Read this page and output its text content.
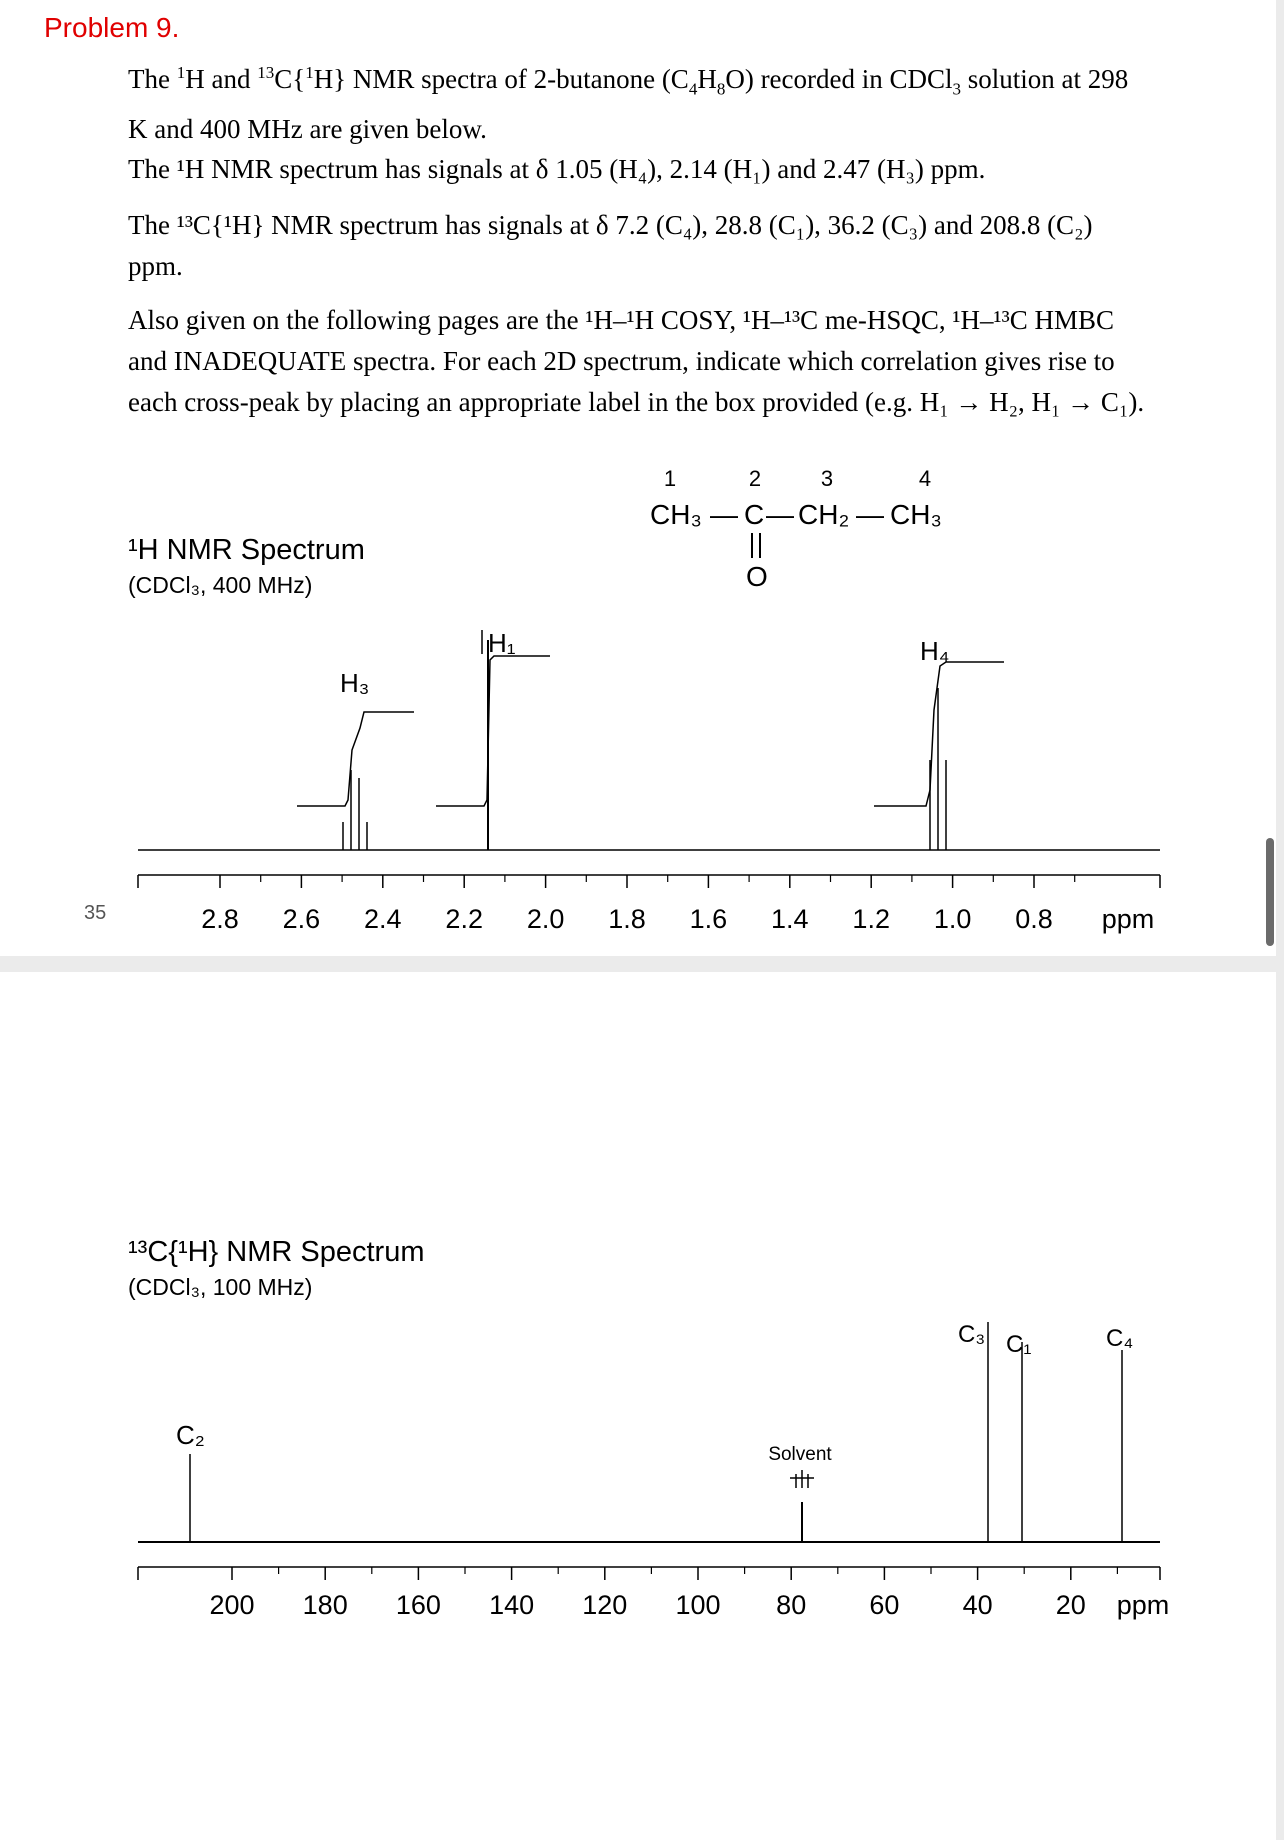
Problem 9.

The $^1$H and $^{13}$C{$^1$H} NMR spectra of 2-butanone $(C_4H_8O)$ recorded in CDCl$_3$ solution at 298 K and 400 MHz are given below.

The ¹H NMR spectrum has signals at δ 1.05 (H₄), 2.14 (H₁) and 2.47 (H₃) ppm.

The ¹³C{¹H} NMR spectrum has signals at δ 7.2 (C₄), 28.8 (C₁), 36.2 (C₃) and 208.8 (C₂) ppm.

Also given on the following pages are the ¹H–¹H COSY, ¹H–¹³C me-HSQC, ¹H–¹³C HMBC and INADEQUATE spectra. For each 2D spectrum, indicate which correlation gives rise to each cross-peak by placing an appropriate label in the box provided (e.g. H₁ → H₂, H₁ → C₁).

1	2	3	4
CH₃ — C — CH₂ — CH₃
O
¹H NMR Spectrum
(CDCl₃, 400 MHz)
H₃
H₁	H₄
2.8 2.6 2.4 2.2 2.0 1.8 1.6 1.4 1.2 1.0 0.8 ppm
35
¹³C{¹H} NMR Spectrum
(CDCl₃, 100 MHz)
C₂
Solvent
C₃ C₁	C₄
200 180 160 140 120 100 80 60 40 20 ppm
